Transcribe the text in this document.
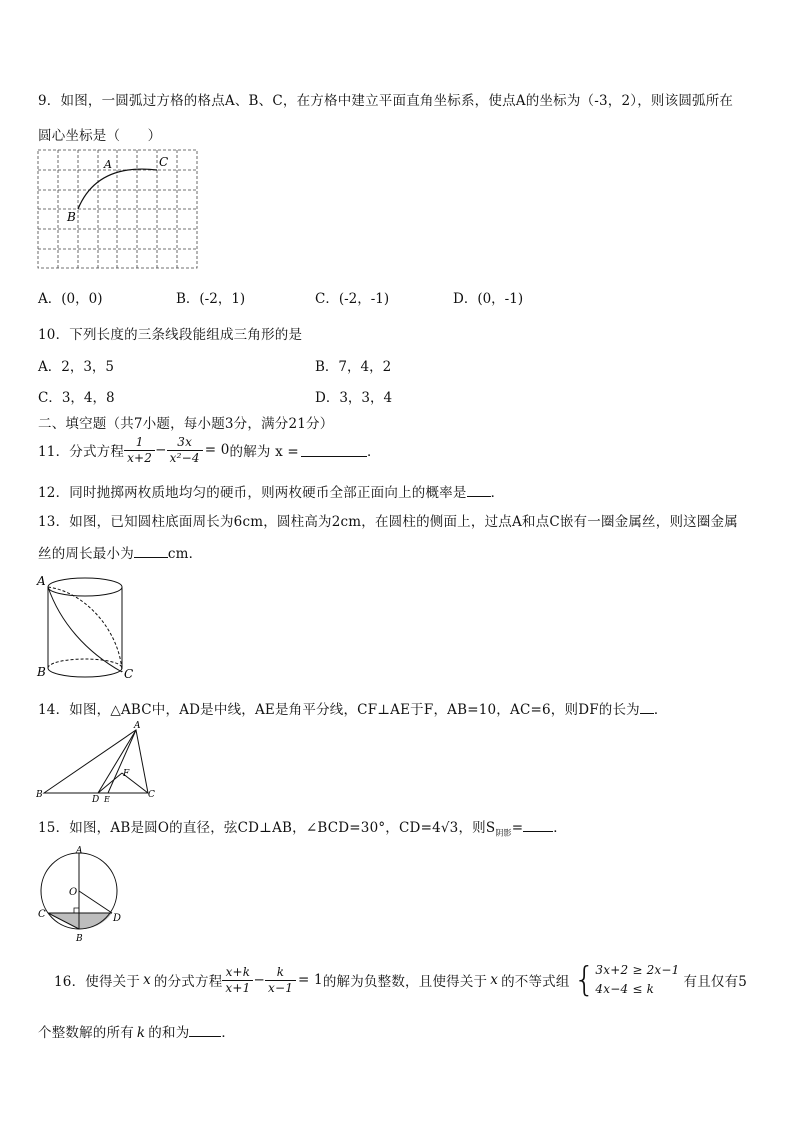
9．如图，一圆弧过方格的格点A、B、C，在方格中建立平面直角坐标系，使点A的坐标为（-3，2），则该圆弧所在
圆心坐标是（　　）
A	C
B
A．(0，0)	B．(-2，1)	C．(-2，-1)	D．(0，-1)
10．下列长度的三条线段能组成三角形的是
A．2，3，5	B．7，4，2
C．3，4，8	D．3，3，4
二、填空题（共7小题，每小题3分，满分21分）
11．分式方程 $\frac{1}{x+2} - \frac{3x}{\text{x²−4}} = 0$ 的解为 x =	．
12．同时抛掷两枚质地均匀的硬币，则两枚硬币全部正面向上的概率是 ．
13．如图，已知圆柱底面周长为6cm，圆柱高为2cm，在圆柱的侧面上，过点A和点C嵌有一圈金属丝，则这圈金属
丝的周长最小为	cm．
A
B	C
14．如图，△ABC中，AD是中线，AE是角平分线，CF⊥AE于F，AB=10，AC=6，则DF的长为 ．
A
B	C
D E
F
15．如图，AB是圆O的直径，弦CD⊥AB，∠BCD=30°，CD=4√3，则$S_{阴影}=$ ．
A
O
C	D
B
16．使得关于 x 的分式方程 $\frac{x+k}{x+1} - \frac{k}{x-1} = 1$ 的解为负整数，且使得关于 x 的不等式组 { 3x+2 ≥ 2x−1
4x−4 ≤ k	有且仅有5
个整数解的所有 k 的和为 ．
